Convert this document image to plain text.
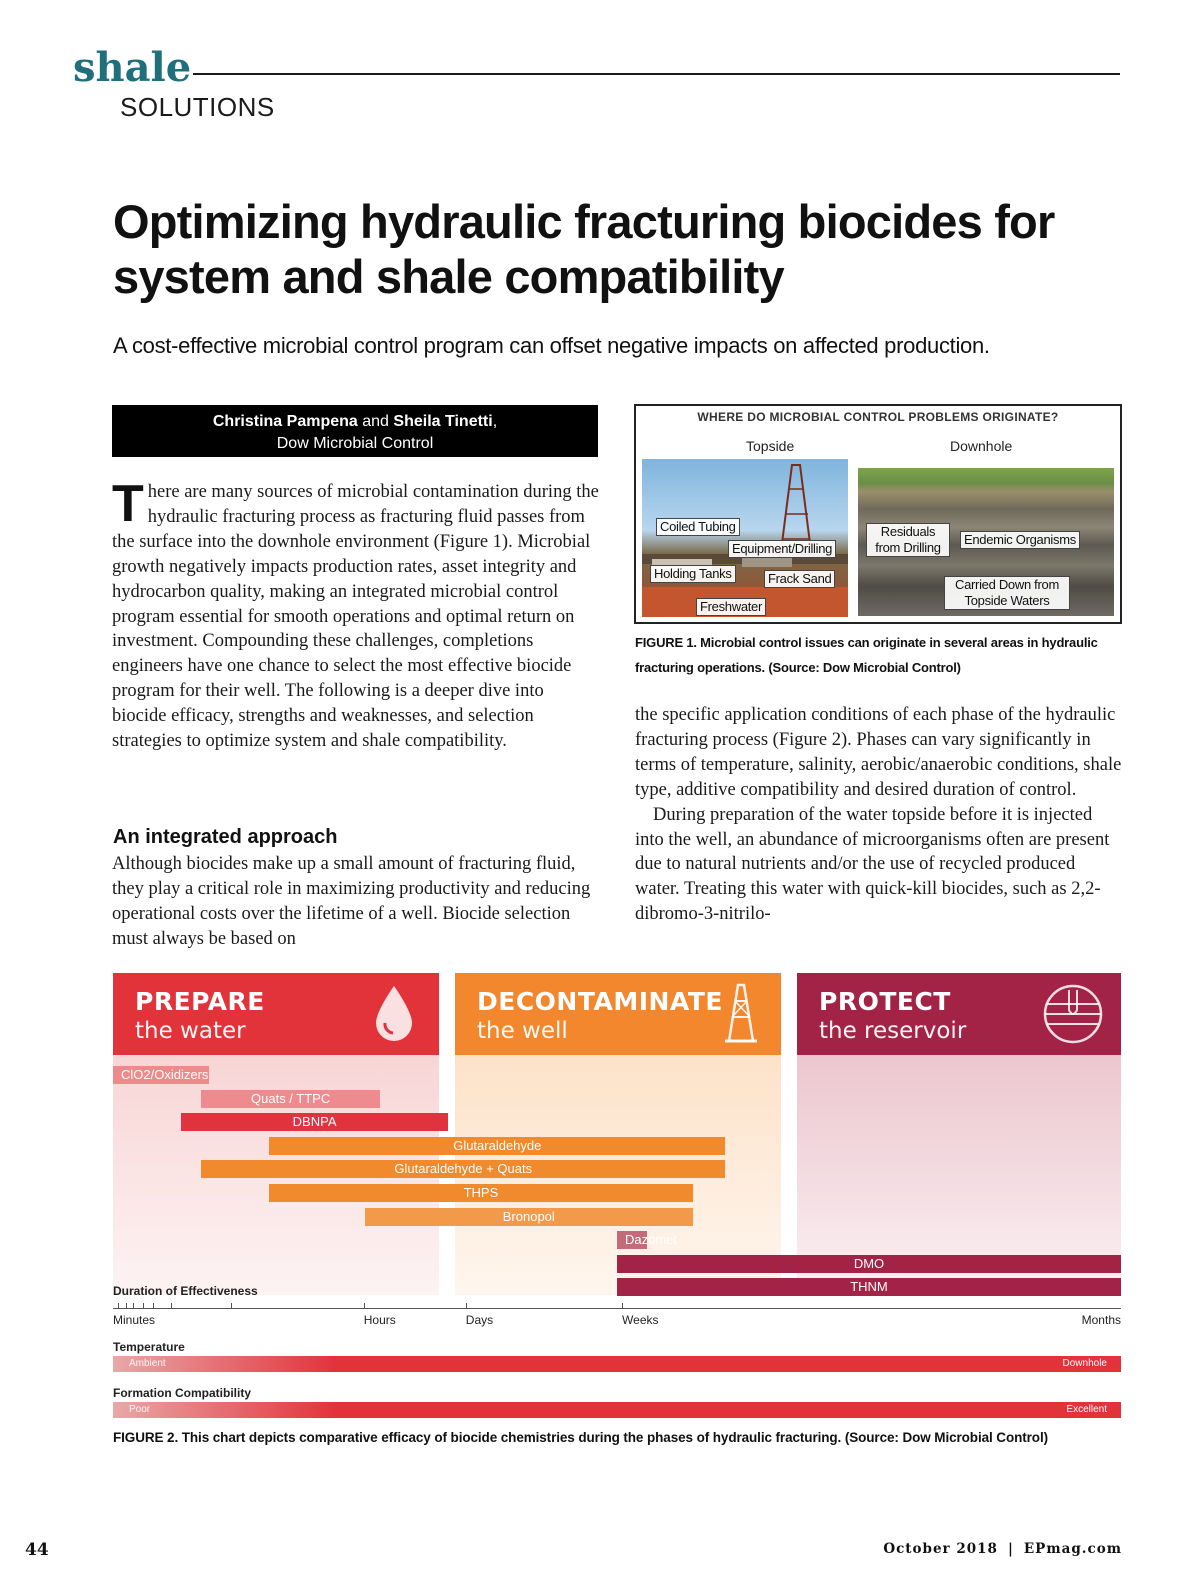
shale
SOLUTIONS
Optimizing hydraulic fracturing biocides for system and shale compatibility
A cost-effective microbial control program can offset negative impacts on affected production.
Christina Pampena and Sheila Tinetti,
Dow Microbial Control
There are many sources of microbial contamination during the hydraulic fracturing process as fracturing fluid passes from the surface into the downhole environment (Figure 1). Microbial growth negatively impacts production rates, asset integrity and hydrocarbon quality, making an integrated microbial control program essential for smooth operations and optimal return on investment. Compounding these challenges, completions engineers have one chance to select the most effective biocide program for their well. The following is a deeper dive into biocide efficacy, strengths and weaknesses, and selection strategies to optimize system and shale compatibility.
An integrated approach
Although biocides make up a small amount of fracturing fluid, they play a critical role in maximizing productivity and reducing operational costs over the lifetime of a well. Biocide selection must always be based on
WHERE DO MICROBIAL CONTROL PROBLEMS ORIGINATE?
Topside	Downhole
Coiled Tubing
Equipment/Drilling
Holding Tanks	Frack Sand
Freshwater
Residuals from Drilling
Endemic Organisms
Carried Down from Topside Waters
FIGURE 1. Microbial control issues can originate in several areas in hydraulic fracturing operations. (Source: Dow Microbial Control)

the specific application conditions of each phase of the hydraulic fracturing process (Figure 2). Phases can vary significantly in terms of temperature, salinity, aerobic/anaerobic conditions, shale type, additive compatibility and desired duration of control.

During preparation of the water topside before it is injected into the well, an abundance of microorganisms often are present due to natural nutrients and/or the use of recycled produced water. Treating this water with quick-kill biocides, such as 2,2-dibromo-3-nitrilo-

PREPARE
the water
DECONTAMINATE
the well
PROTECT
the reservoir
ClO2/Oxidizers
Quats / TTPC
DBNPA
Glutaraldehyde
Glutaraldehyde + Quats
THPS
Bronopol
Dazomet
DMO
THNM
Duration of Effectiveness
Minutes	Hours	Days	Weeks	Months
Temperature
Ambient	Downhole
Formation Compatibility
Poor	Excellent
FIGURE 2. This chart depicts comparative efficacy of biocide chemistries during the phases of hydraulic fracturing. (Source: Dow Microbial Control)
44	October 2018 | EPmag.com
